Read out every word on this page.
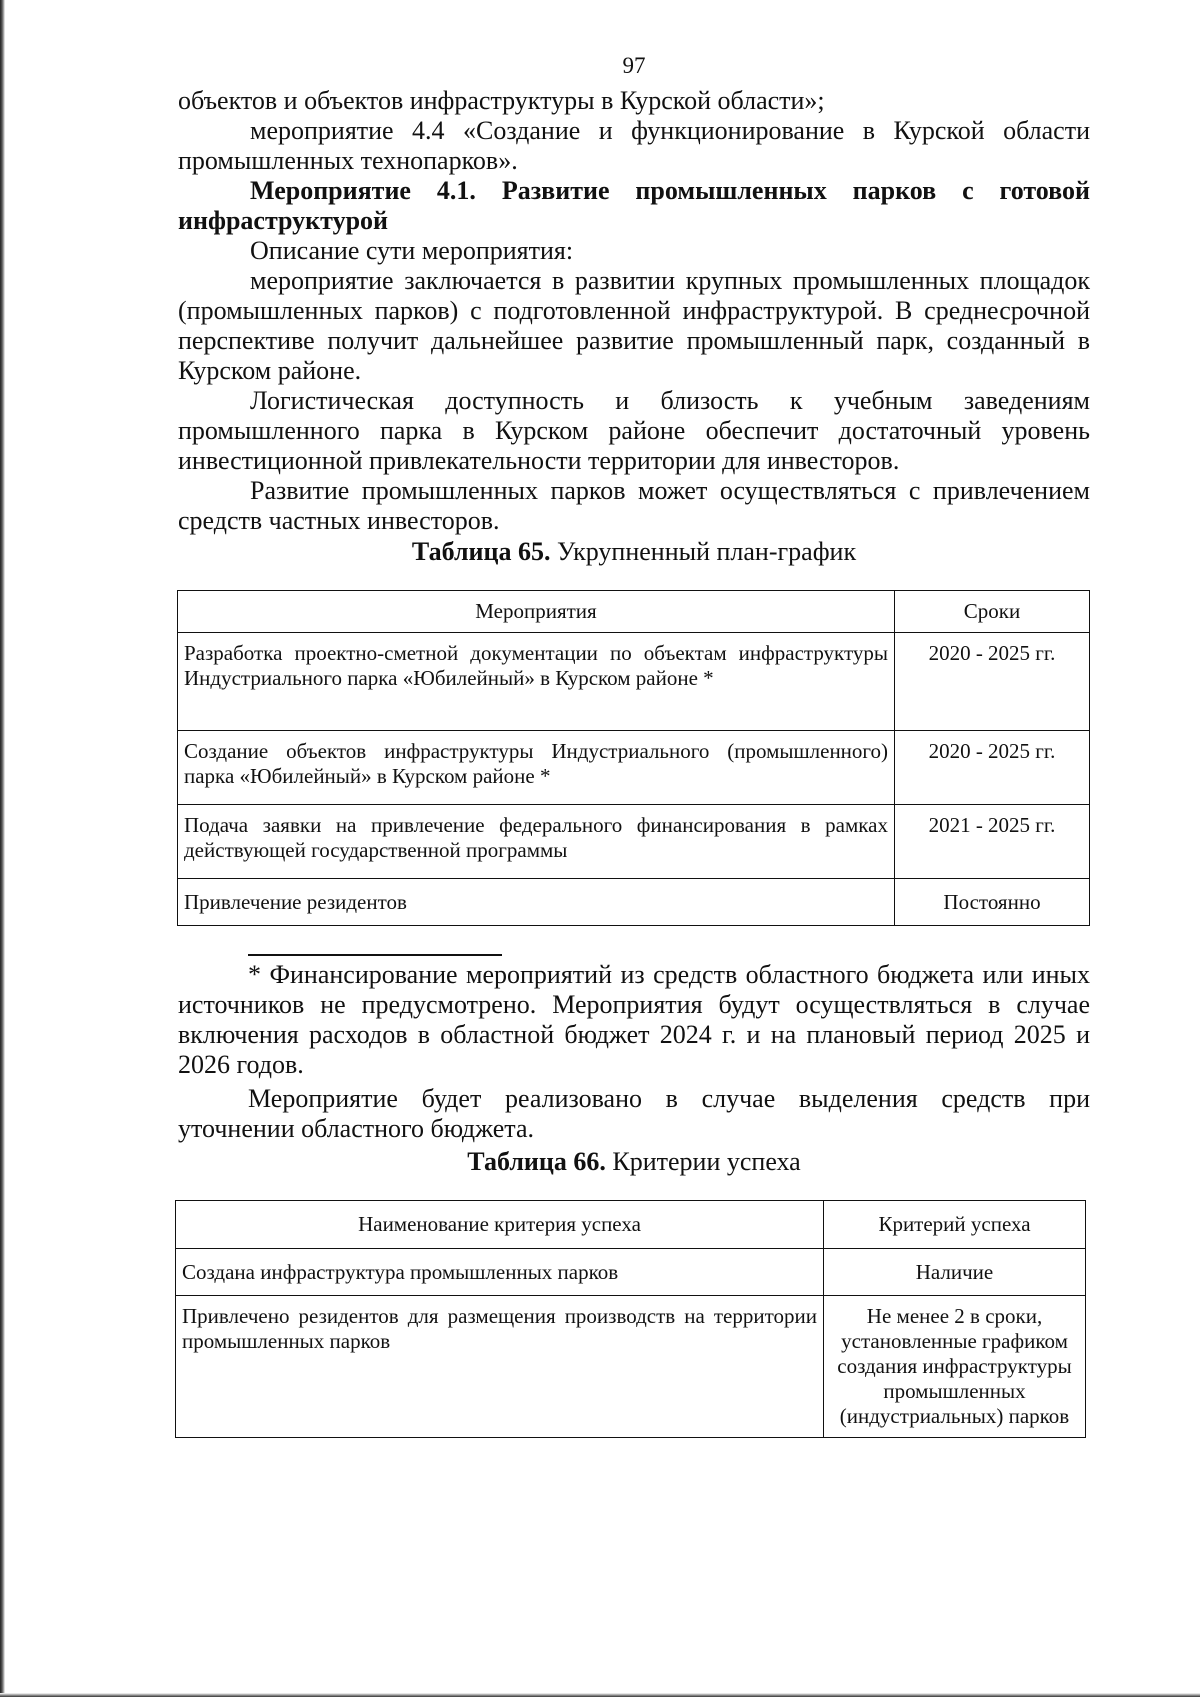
97

объектов и объектов инфраструктуры в Курской области»;

мероприятие 4.4 «Создание и функционирование в Курской области промышленных технопарков».

Мероприятие 4.1. Развитие промышленных парков с готовой инфраструктурой

Описание сути мероприятия:

мероприятие заключается в развитии крупных промышленных площадок (промышленных парков) с подготовленной инфраструктурой. В среднесрочной перспективе получит дальнейшее развитие промышленный парк, созданный в Курском районе.

Логистическая доступность и близость к учебным заведениям промышленного парка в Курском районе обеспечит достаточный уровень инвестиционной привлекательности территории для инвесторов.

Развитие промышленных парков может осуществляться с привлечением средств частных инвесторов.

Таблица 65. Укрупненный план-график

Мероприятия	Сроки
Разработка проектно-сметной документации по объектам инфраструктуры Индустриального парка «Юбилейный» в Курском районе *	2020 - 2025 гг.
Создание объектов инфраструктуры Индустриального (промышленного) парка «Юбилейный» в Курском районе *	2020 - 2025 гг.
Подача заявки на привлечение федерального финансирования в рамках действующей государственной программы	2021 - 2025 гг.
Привлечение резидентов	Постоянно

* Финансирование мероприятий из средств областного бюджета или иных источников не предусмотрено. Мероприятия будут осуществляться в случае включения расходов в областной бюджет 2024 г. и на плановый период 2025 и 2026 годов.

Мероприятие будет реализовано в случае выделения средств при уточнении областного бюджета.

Таблица 66. Критерии успеха

Наименование критерия успеха	Критерий успеха
Создана инфраструктура промышленных парков	Наличие
Привлечено резидентов для размещения производств на территории промышленных парков	Не менее 2 в сроки, установленные графиком создания инфраструктуры промышленных (индустриальных) парков
